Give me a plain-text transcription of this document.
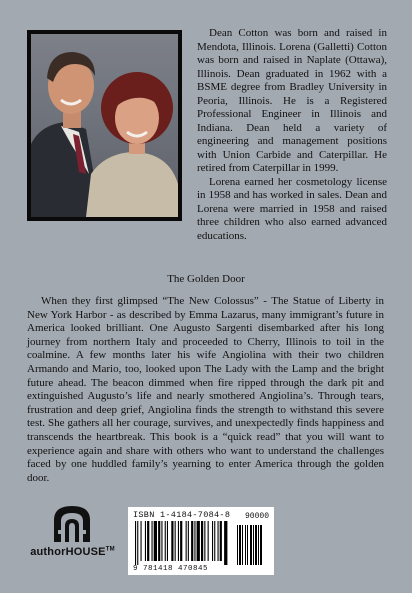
Dean Cotton was born and raised in Mendota, Illinois. Lorena (Galletti) Cotton was born and raised in Naplate (Ottawa), Illinois. Dean graduated in 1962 with a BSME degree from Bradley University in Peoria, Illinois. He is a Registered Professional Engineer in Illinois and Indiana. Dean held a variety of engineering and management positions with Union Carbide and Caterpillar. He retired from Caterpillar in 1999.

Lorena earned her cosmetology license in 1958 and has worked in sales. Dean and Lorena were married in 1958 and raised three children who also earned advanced educations.

The Golden Door

When they first glimpsed “The New Colossus” - The Statue of Liberty in New York Harbor - as described by Emma Lazarus, many immigrant’s future in America looked brilliant. One Augusto Sargenti disembarked after his long journey from northern Italy and proceeded to Cherry, Illinois to toil in the coalmine. A few months later his wife Angiolina with their two children Armando and Mario, too, looked upon The Lady with the Lamp and the bright future ahead. The beacon dimmed when fire ripped through the dark pit and extinguished Augusto’s life and nearly smothered Angiolina’s. Through tears, frustration and deep grief, Angiolina finds the strength to withstand this severe test. She gathers all her courage, survives, and unexpectedly finds happiness and transcends the heartbreak. This book is a “quick read” that you will want to experience again and share with others who want to understand the challenges faced by one huddled family’s yearning to enter America through the golden door.

authorHOUSE™
ISBN 1-4184-7084-8	90000
9 781418 470845
